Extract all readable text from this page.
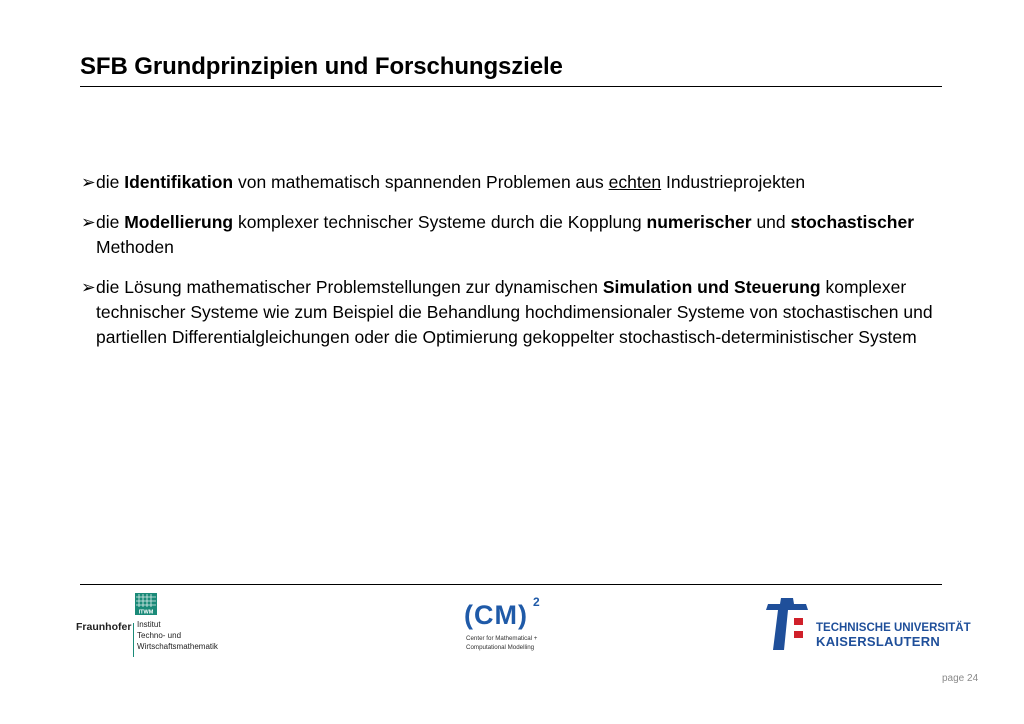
SFB Grundprinzipien und Forschungsziele
➢ die Identifikation von mathematisch spannenden Problemen aus echten Industrieprojekten
➢ die Modellierung komplexer technischer Systeme durch die Kopplung numerischer und stochastischer Methoden
➢ die Lösung mathematischer Problemstellungen zur dynamischen Simulation und Steuerung komplexer technischer Systeme wie zum Beispiel die Behandlung hochdimensionaler Systeme von stochastischen und partiellen Differentialgleichungen oder die Optimierung gekoppelter stochastisch-deterministischer System
ITWM
Fraunhofer Institut
Techno- und
Wirtschaftsmathematik
(CM) 2
Center for Mathematical +
Computational Modelling
TECHNISCHE UNIVERSITÄT
KAISERSLAUTERN
page 24
